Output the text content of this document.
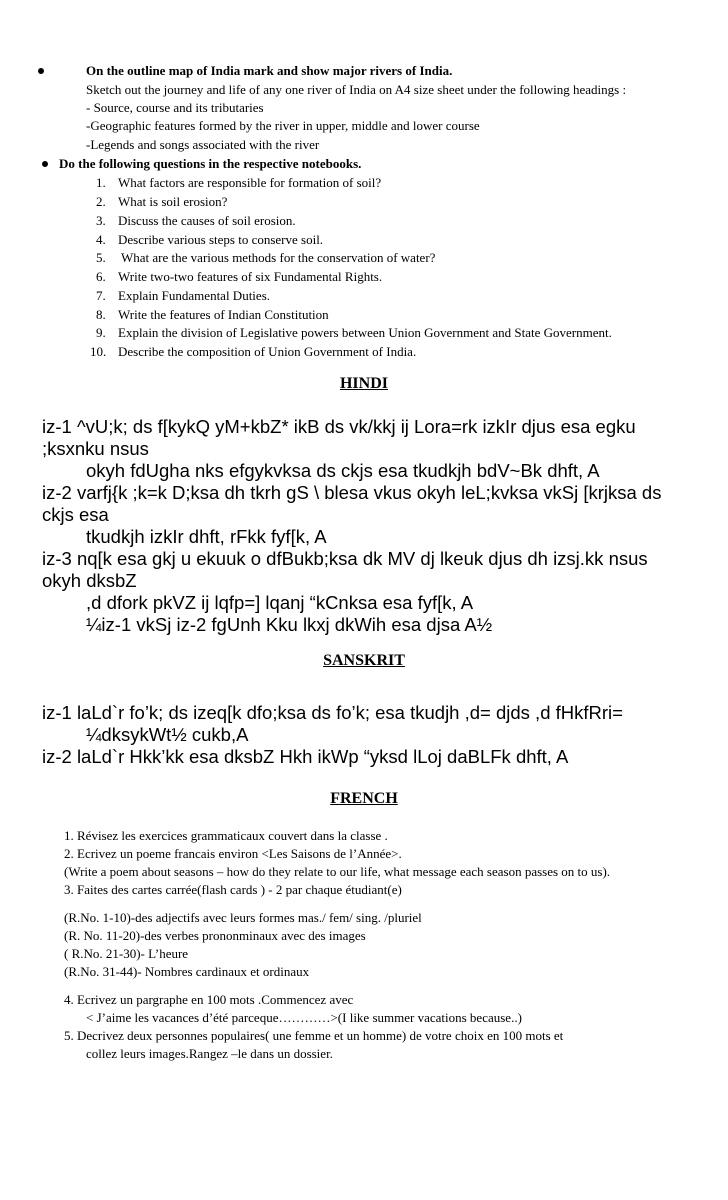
On the outline map of India mark and show major rivers of India.
Sketch out the journey and life of any one river of India on A4 size sheet under the following headings :
- Source, course and its tributaries
-Geographic features formed by the river in upper, middle and lower course
-Legends and songs associated with the river
Do the following questions in the respective notebooks.
1. What factors are responsible for formation of soil?
2. What is soil erosion?
3. Discuss the causes of soil erosion.
4. Describe various steps to conserve soil.
5. What are the various methods for the conservation of water?
6. Write two-two features of six Fundamental Rights.
7. Explain Fundamental Duties.
8. Write the features of Indian Constitution
9. Explain the division of Legislative powers between Union Government and State Government.
10. Describe the composition of Union Government of India.
HINDI
iz-1 ^vU;k; ds f[kykQ yM+kbZ* ikB ds vk/kkj ij Lora=rk izkIr djus esa egku
;ksxnku nsus
okyh fdUgha nks efgykvksa ds ckjs esa tkudkjh bdV~Bk dhft, A
iz-2 varfj{k ;k=k D;ksa dh tkrh gS \ blesa vkus okyh leL;kvksa vkSj [krjksa ds
ckjs esa
tkudkjh izkIr dhft, rFkk fyf[k, A
iz-3 nq[k esa gkj u ekuuk o dfBukb;ksa dk MV dj lkeuk djus dh izsj.kk nsus
okyh dksbZ
,d dfork pkVZ ij lqfp=] lqanj “kCnksa esa fyf[k, A
¼iz-1 vkSj iz-2 fgUnh Kku lkxj dkWih esa djsa A½
SANSKRIT
iz-1 laLd`r fo’k; ds izeq[k dfo;ksa ds fo’k; esa tkudjh ,d= djds ,d fHkfRri=
¼dksykWt½ cukb,A
iz-2 laLd`r Hkk’kk esa dksbZ Hkh ikWp “yksd lLoj daBLFk dhft, A
FRENCH
1. Révisez les exercices grammaticaux couvert dans la classe .
2. Ecrivez un poeme francais environ <Les Saisons de l’Année>.
(Write a poem about seasons – how do they relate to our life, what message each season passes on to us).
3. Faites des cartes carrée(flash cards ) - 2 par chaque étudiant(e)
(R.No. 1-10)-des adjectifs avec leurs formes mas./ fem/ sing. /pluriel
(R. No. 11-20)-des verbes prononminaux avec des images
( R.No. 21-30)- L’heure
(R.No. 31-44)- Nombres cardinaux et ordinaux
4. Ecrivez un pargraphe en 100 mots .Commencez avec
< J’aime les vacances d’été parceque…………>(I like summer vacations because..)
5. Decrivez deux personnes populaires( une femme et un homme) de votre choix en 100 mots et
collez leurs images.Rangez –le dans un dossier.
